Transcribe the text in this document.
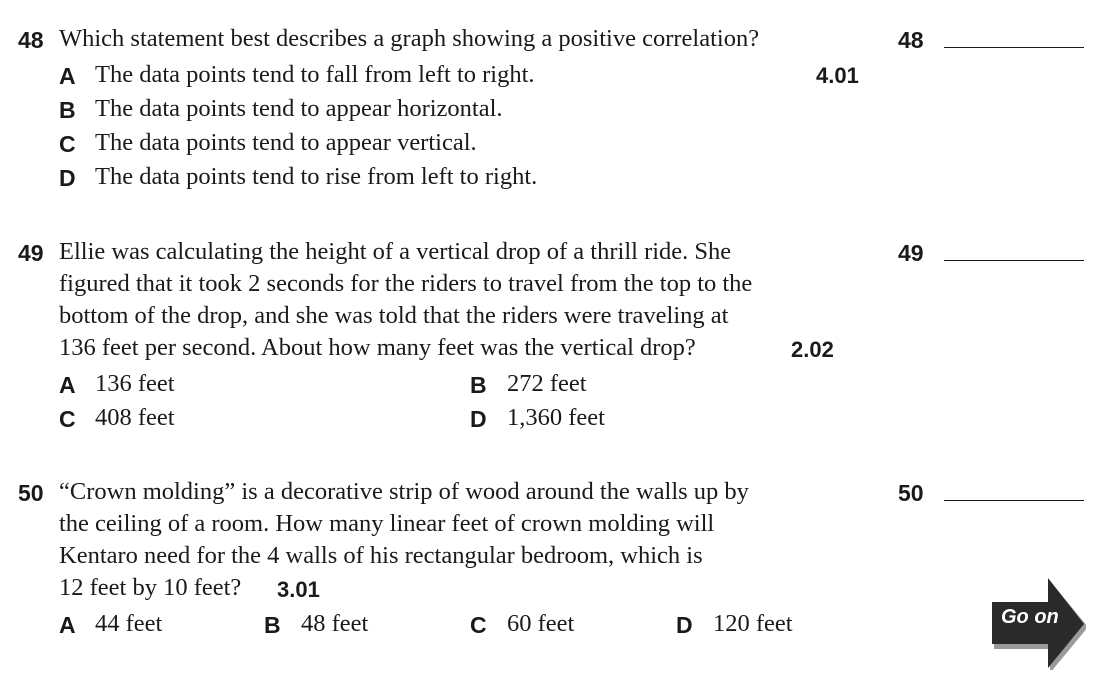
48 Which statement best describes a graph showing a positive correlation?
4.01
A The data points tend to fall from left to right.
B The data points tend to appear horizontal.
C The data points tend to appear vertical.
D The data points tend to rise from left to right.
49 Ellie was calculating the height of a vertical drop of a thrill ride. She
figured that it took 2 seconds for the riders to travel from the top to the
bottom of the drop, and she was told that the riders were traveling at
136 feet per second. About how many feet was the vertical drop?	2.02
A 136 feet	B 272 feet
C 408 feet	D 1,360 feet
50 “Crown molding” is a decorative strip of wood around the walls up by
the ceiling of a room. How many linear feet of crown molding will
Kentaro need for the 4 walls of his rectangular bedroom, which is
12 feet by 10 feet? 3.01
A 44 feet	B 48 feet	C 60 feet	D 120 feet
48
49
50
Go on
